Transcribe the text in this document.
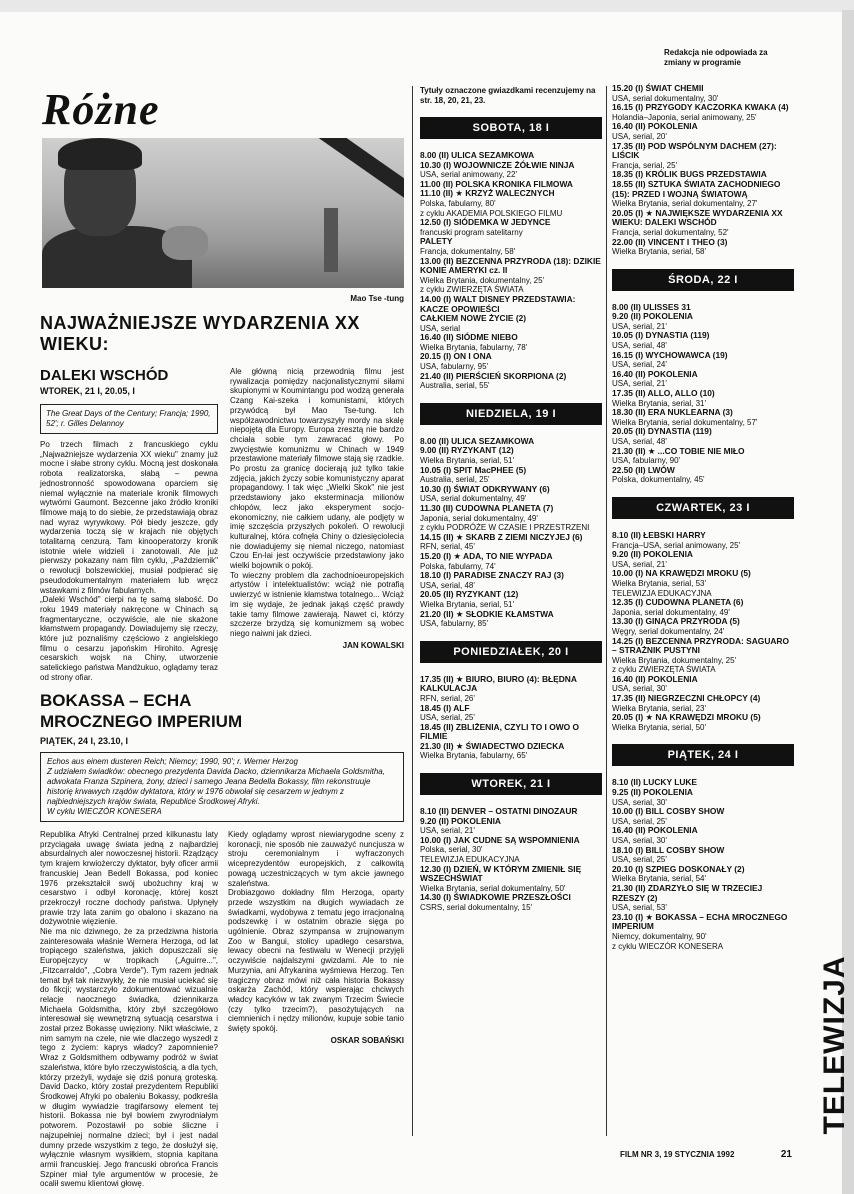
Redakcja nie odpowiada za zmiany w programie
Różne
Mao Tse -tung
NAJWAŻNIEJSZE WYDARZENIA XX WIEKU:
DALEKI WSCHÓD
WTOREK, 21 I, 20.05, I
The Great Days of the Century; Francja; 1990, 52'; r. Gilles Delannoy
Po trzech filmach z francuskiego cyklu „Najważniejsze wydarzenia XX wieku" znamy już mocne i słabe strony cyklu. Mocną jest doskonała robota realizatorska, słabą – pewna jednostronność spowodowana oparciem się niemal wyłącznie na materiale kronik filmowych wytwórni Gaumont. Bezcenne jako źródło kroniki filmowe mają to do siebie, że przedstawiają obraz nad wyraz wyrywkowy. Pół biedy jeszcze, gdy wydarzenia toczą się w krajach nie objętych totalitarną cenzurą. Tam kinooperatorzy kronik istotnie wiele widzieli i zanotowali. Ale już pierwszy pokazany nam film cyklu, „Październik" o rewolucji bolszewickiej, musiał podpierać się pseudodokumentalnym materiałem lub wręcz wstawkami z filmów fabularnych.
„Daleki Wschód" cierpi na tę samą słabość. Do roku 1949 materiały nakręcone w Chinach są fragmentaryczne, oczywiście, ale nie skażone kłamstwem propagandy. Dowiadujemy się rzeczy, które już poznaliśmy częściowo z angielskiego filmu o cesarzu japońskim Hirohito. Agresję cesarskich wojsk na Chiny, utworzenie satelickiego państwa Mandżukuo, oglądamy teraz od strony ofiar.
Ale główną nicią przewodnią filmu jest rywalizacja pomiędzy nacjonalistycznymi siłami skupionymi w Koumintangu pod wodzą generała Czang Kai-szeka i komunistami, których przywódcą był Mao Tse-tung. Ich współzawodnictwu towarzyszyły mordy na skalę niepojętą dla Europy. Europa zresztą nie bardzo chciała sobie tym zawracać głowy. Po zwycięstwie komunizmu w Chinach w 1949 przestawione materiały filmowe stają się rzadkie. Po prostu za granicę docierają już tylko takie zdjęcia, jakich życzy sobie komunistyczny aparat propagandowy. I tak więc „Wielki Skok" nie jest przedstawiony jako eksterminacja milionów chłopów, lecz jako eksperyment socjo-ekonomiczny, nie całkiem udany, ale podjęty w imię szczęścia przyszłych pokoleń. O rewolucji kulturalnej, która cofnęła Chiny o dziesięciolecia nie dowiadujemy się niemal niczego, natomiast Czou En-lai jest oczywiście przedstawiony jako wielki bojownik o pokój.
To wieczny problem dla zachodnioeuropejskich artystów i intelektualistów: wciąż nie potrafią uwierzyć w istnienie kłamstwa totalnego... Wciąż im się wydaje, że jednak jakąś część prawdy takie tamy filmowe zawierają. Nawet ci, którzy szczerze brzydzą się komunizmem są wobec niego naiwni jak dzieci.
JAN KOWALSKI
BOKASSA – ECHA
MROCZNEGO IMPERIUM
PIĄTEK, 24 I, 23.10, I
Echos aus einem dusteren Reich; Niemcy; 1990, 90'; r. Werner Herzog
Z udziałem świadków: obecnego prezydenta Davida Dacko, dziennikarza Michaela Goldsmitha, adwokata Franza Szpinera, żony, dzieci i samego Jeana Bedella Bokassy, film rekonstruuje historię krwawych rządów dyktatora, który w 1976 obwołał się cesarzem w jednym z najbiedniejszych krajów świata, Republice Środkowej Afryki.
W cyklu WIECZÓR KONESERA
Republika Afryki Centralnej przed kilkunastu laty przyciągała uwagę świata jedną z najbardziej absurdalnych aler nowoczesnej historii. Rządzący tym krajem krwiożerczy dyktator, były oficer armii francuskiej Jean Bedell Bokassa, pod koniec 1976 przekształcił swój ubożuchny kraj w cesarstwo i odbył koronację, której koszt przekroczył roczne dochody państwa. Upłynęły prawie trzy lata zanim go obalono i skazano na dożywotnie więzienie.
Nie ma nic dziwnego, że za przedziwna historia zainteresowała właśnie Wernera Herzoga, od lat tropiącego szaleństwa, jakich dopuszczali się Europejczycy w tropikach („Aguirre...", „Fitzcarraldo", „Cobra Verde"). Tym razem jednak temat był tak niezwykły, że nie musiał uciekać się do fikcji; wystarczyło zdokumentować wizualnie relacje naocznego świadka, dziennikarza Michaela Goldsmitha, który zbył szczegółowo interesował się wewnętrzną sytuacją cesarstwa i został przez Bokassę uwięziony. Nikt właściwie, z nim samym na czele, nie wie dlaczego wyszedł z tego z życiem: kaprys władcy? zapomnienie? Wraz z Goldsmithem odbywamy podróż w świat szaleństwa, które było rzeczywistością, a dla tych, którzy przeżyli, wydaje się dziś ponurą groteską. David Dacko, który został prezydentem Republiki Środkowej Afryki po obaleniu Bokassy, podkreśla w długim wywiadzie tragifarsowy element tej historii. Bokassa nie był bowiem zwyrodniałym potworem. Pozostawił po sobie śliczne i najzupełniej normalne dzieci; był i jest nadal dumny przede wszystkim z tego, że dosłużył się, wyłącznie własnym wysiłkiem, stopnia kapitana armii francuskiej. Jego francuski obrońca Francis Szpiner miał tyle argumentów w procesie, że ocalił swemu klientowi głowę.
Kiedy oglądamy wprost niewiarygodne sceny z koronacji, nie sposób nie zauważyć nuncjusza w stroju ceremonialnym i wyfraczonych wiceprezydentów europejskich, z całkowitą powagą uczestniczących w tym akcie jawnego szaleństwa.
Drobiazgowo dokładny film Herzoga, oparty przede wszystkim na długich wywiadach ze świadkami, wydobywa z tematu jego irracjonalną podszewkę i w ostatnim obrazie sięga po ugólnienie. Obraz szympansa w zrujnowanym Zoo w Bangui, stolicy upadłego cesarstwa, lewacy obecni na festiwalu w Wenecji przyjęli oczywiście najdalszymi gwizdami. Ale to nie Murzynia, ani Afrykanina wyśmiewa Herzog. Ten tragiczny obraz mówi niż cała historia Bokassy oskarża Zachód, który wspierając chciwych władcy kacyków w tak zwanym Trzecim Świecie (czy tylko trzecim?), pasożytujących na ciemnienich i nędzy milionów, kupuje sobie tanio święty spokój.
OSKAR SOBAŃSKI
Tytuły oznaczone gwiazdkami recenzujemy na str. 18, 20, 21, 23.
SOBOTA, 18 I
8.00 (II) ULICA SEZAMKOWA
10.30 (I) WOJOWNICZE ŻÓŁWIE NINJA
USA, serial animowany, 22'
11.00 (II) POLSKA KRONIKA FILMOWA
11.10 (II) ★ KRZYŻ WALECZNYCH
Polska, fabularny, 80'
z cyklu AKADEMIA POLSKIEGO FILMU
12.50 (I) SIÓDEMKA W JEDYNCE
francuski program satelitarny
PALETY
Francja, dokumentalny, 58'
13.00 (II) BEZCENNA PRZYRODA (18): DZIKIE KONIE AMERYKI cz. II
Wielka Brytania, dokumentalny, 25'
z cyklu ZWIERZĘTA ŚWIATA
14.00 (I) WALT DISNEY PRZEDSTAWIA: KACZE OPOWIEŚCI
CAŁKIEM NOWE ŻYCIE (2)
USA, serial
16.40 (II) SIÓDME NIEBO
Wielka Brytania, fabularny, 78'
20.15 (I) ON I ONA
USA, fabularny, 95'
21.40 (II) PIERŚCIEŃ SKORPIONA (2)
Australia, serial, 55'
NIEDZIELA, 19 I
8.00 (II) ULICA SEZAMKOWA
9.00 (II) RYZYKANT (12)
Wielka Brytania, serial, 51'
10.05 (I) SPIT MacPHEE (5)
Australia, serial, 25'
10.30 (I) ŚWIAT ODKRYWANY (6)
USA, serial dokumentalny, 49'
11.30 (II) CUDOWNA PLANETA (7)
Japonia, serial dokumentalny, 49'
z cyklu PODRÓŻE W CZASIE I PRZESTRZENI
14.15 (II) ★ SKARB Z ZIEMI NICZYJEJ (6)
RFN, serial, 45'
15.20 (I) ★ ADA, TO NIE WYPADA
Polska, fabularny, 74'
18.10 (I) PARADISE ZNACZY RAJ (3)
USA, serial, 48'
20.05 (II) RYZYKANT (12)
Wielka Brytania, serial, 51'
21.20 (II) ★ SŁODKIE KŁAMSTWA
USA, fabularny, 85'
PONIEDZIAŁEK, 20 I
17.35 (II) ★ BIURO, BIURO (4): BŁĘDNA KALKULACJA
RFN, serial, 26'
18.45 (I) ALF
USA, serial, 25'
18.45 (II) ZBLIŻENIA, CZYLI TO I OWO O FILMIE
21.30 (II) ★ ŚWIADECTWO DZIECKA
Wielka Brytania, fabularny, 65'
WTOREK, 21 I
8.10 (II) DENVER – OSTATNI DINOZAUR
9.20 (II) POKOLENIA
USA, serial, 21'
10.00 (I) JAK CUDNE SĄ WSPOMNIENIA
Polska, serial, 30'
TELEWIZJA EDUKACYJNA
12.30 (I) DZIEŃ, W KTÓRYM ZMIENIŁ SIĘ WSZECHŚWIAT
Wielka Brytania, serial dokumentalny, 50'
14.30 (I) ŚWIADKOWIE PRZESZŁOŚCI
CSRS, serial dokumentalny, 15'
15.20 (I) ŚWIAT CHEMII
USA, serial dokumentalny, 30'
16.15 (I) PRZYGODY KACZORKA KWAKA (4)
Holandia–Japonia, serial animowany, 25'
16.40 (II) POKOLENIA
USA, serial, 20'
17.35 (II) POD WSPÓLNYM DACHEM (27): LIŚCIK
Francja, serial, 25'
18.35 (I) KRÓLIK BUGS PRZEDSTAWIA
18.55 (II) SZTUKA ŚWIATA ZACHODNIEGO (15): PRZED I WOJNĄ ŚWIATOWĄ
Wielka Brytania, serial dokumentalny, 27'
20.05 (I) ★ NAJWIĘKSZE WYDARZENIA XX WIEKU: DALEKI WSCHÓD
Francja, serial dokumentalny, 52'
22.00 (II) VINCENT I THEO (3)
Wielka Brytania, serial, 58'
ŚRODA, 22 I
8.00 (II) ULISSES 31
9.20 (II) POKOLENIA
USA, serial, 21'
10.05 (I) DYNASTIA (119)
USA, serial, 48'
16.15 (I) WYCHOWAWCA (19)
USA, serial, 24'
16.40 (II) POKOLENIA
USA, serial, 21'
17.35 (II) ALLO, ALLO (10)
Wielka Brytania, serial, 31'
18.30 (II) ERA NUKLEARNA (3)
Wielka Brytania, serial dokumentalny, 57'
20.05 (II) DYNASTIA (119)
USA, serial, 48'
21.30 (II) ★ ...CO TOBIE NIE MIŁO
USA, fabularny, 90'
22.50 (II) LWÓW
Polska, dokumentalny, 45'
CZWARTEK, 23 I
8.10 (II) ŁEBSKI HARRY
Francja–USA, serial animowany, 25'
9.20 (II) POKOLENIA
USA, serial, 21'
10.00 (I) NA KRAWĘDZI MROKU (5)
Wielka Brytania, serial, 53'
TELEWIZJA EDUKACYJNA
12.35 (I) CUDOWNA PLANETA (6)
Japonia, serial dokumentalny, 49'
13.30 (I) GINĄCA PRZYRODA (5)
Węgry, serial dokumentalny, 24'
14.25 (I) BEZCENNA PRZYRODA: SAGUARO – STRAŻNIK PUSTYNI
Wielka Brytania, dokumentalny, 25'
z cyklu ZWIERZĘTA ŚWIATA
16.40 (II) POKOLENIA
USA, serial, 30'
17.35 (II) NIEGRZECZNI CHŁOPCY (4)
Wielka Brytania, serial, 23'
20.05 (I) ★ NA KRAWĘDZI MROKU (5)
Wielka Brytania, serial, 50'
PIĄTEK, 24 I
8.10 (II) LUCKY LUKE
9.25 (II) POKOLENIA
USA, serial, 30'
10.00 (I) BILL COSBY SHOW
USA, serial, 25'
16.40 (II) POKOLENIA
USA, serial, 30'
18.10 (I) BILL COSBY SHOW
USA, serial, 25'
20.10 (I) SZPIEG DOSKONAŁY (2)
Wielka Brytania, serial, 54'
21.30 (II) ZDARZYŁO SIĘ W TRZECIEJ RZESZY (2)
USA, serial, 53'
23.10 (I) ★ BOKASSA – ECHA MROCZNEGO IMPERIUM
Niemcy, dokumentalny, 90'
z cyklu WIECZÓR KONESERA
TELEWIZJA
FILM NR 3, 19 STYCZNIA 1992	21
